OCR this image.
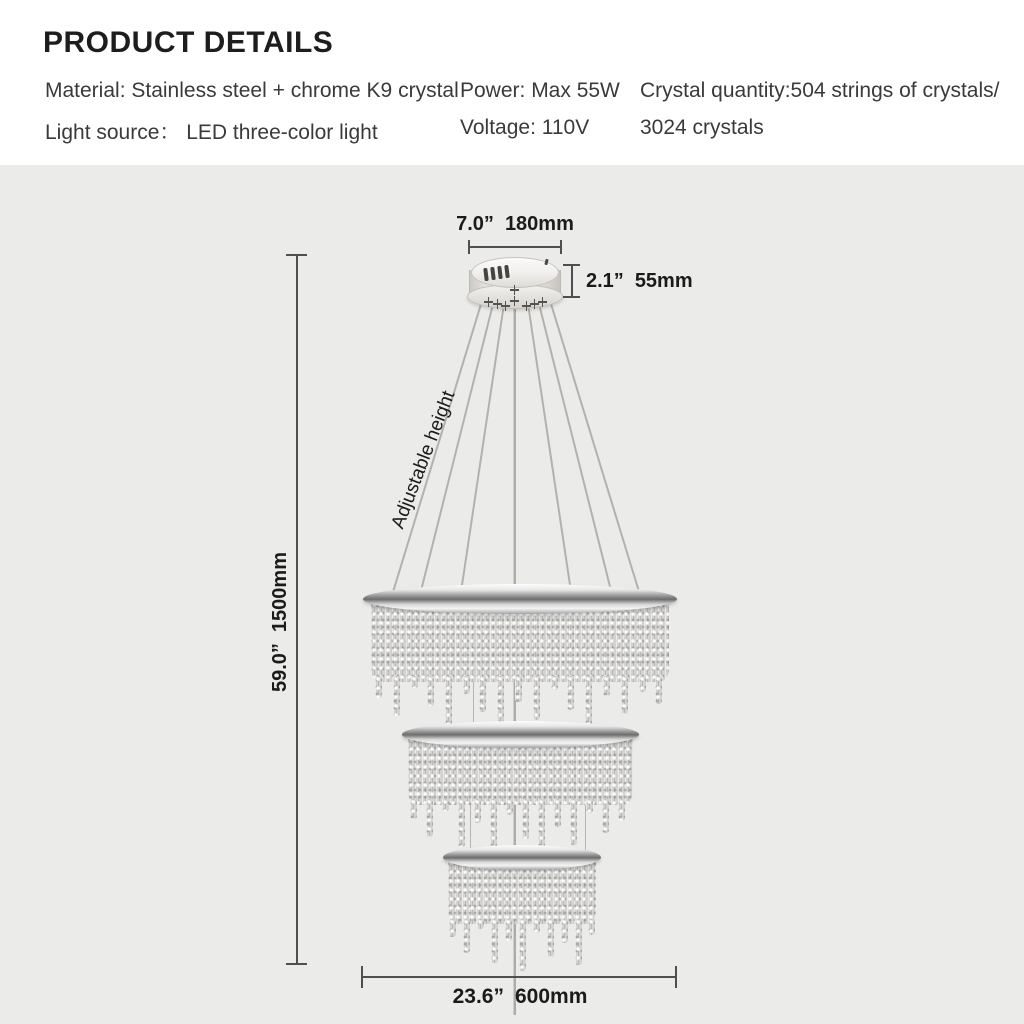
PRODUCT DETAILS
Material: Stainless steel + chrome K9 crystal
Light source： LED three-color light
Power: Max 55W
Voltage: 110V
Crystal quantity:504 strings of crystals/
3024 crystals
59.0”
1500mm
7.0” 180mm
2.1” 55mm
Adjustable height
23.6” 600mm
